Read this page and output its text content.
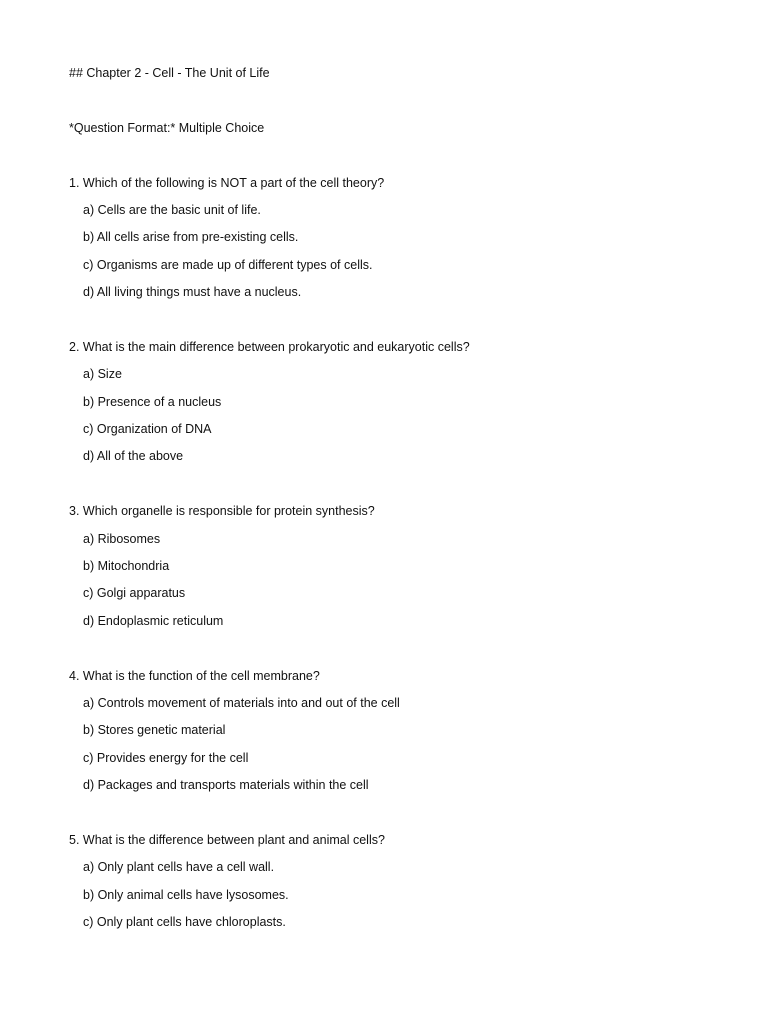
## Chapter 2 - Cell - The Unit of Life
*Question Format:* Multiple Choice
1. Which of the following is NOT a part of the cell theory?
a) Cells are the basic unit of life.
b) All cells arise from pre-existing cells.
c) Organisms are made up of different types of cells.
d) All living things must have a nucleus.
2. What is the main difference between prokaryotic and eukaryotic cells?
a) Size
b) Presence of a nucleus
c) Organization of DNA
d) All of the above
3. Which organelle is responsible for protein synthesis?
a) Ribosomes
b) Mitochondria
c) Golgi apparatus
d) Endoplasmic reticulum
4. What is the function of the cell membrane?
a) Controls movement of materials into and out of the cell
b) Stores genetic material
c) Provides energy for the cell
d) Packages and transports materials within the cell
5. What is the difference between plant and animal cells?
a) Only plant cells have a cell wall.
b) Only animal cells have lysosomes.
c) Only plant cells have chloroplasts.
